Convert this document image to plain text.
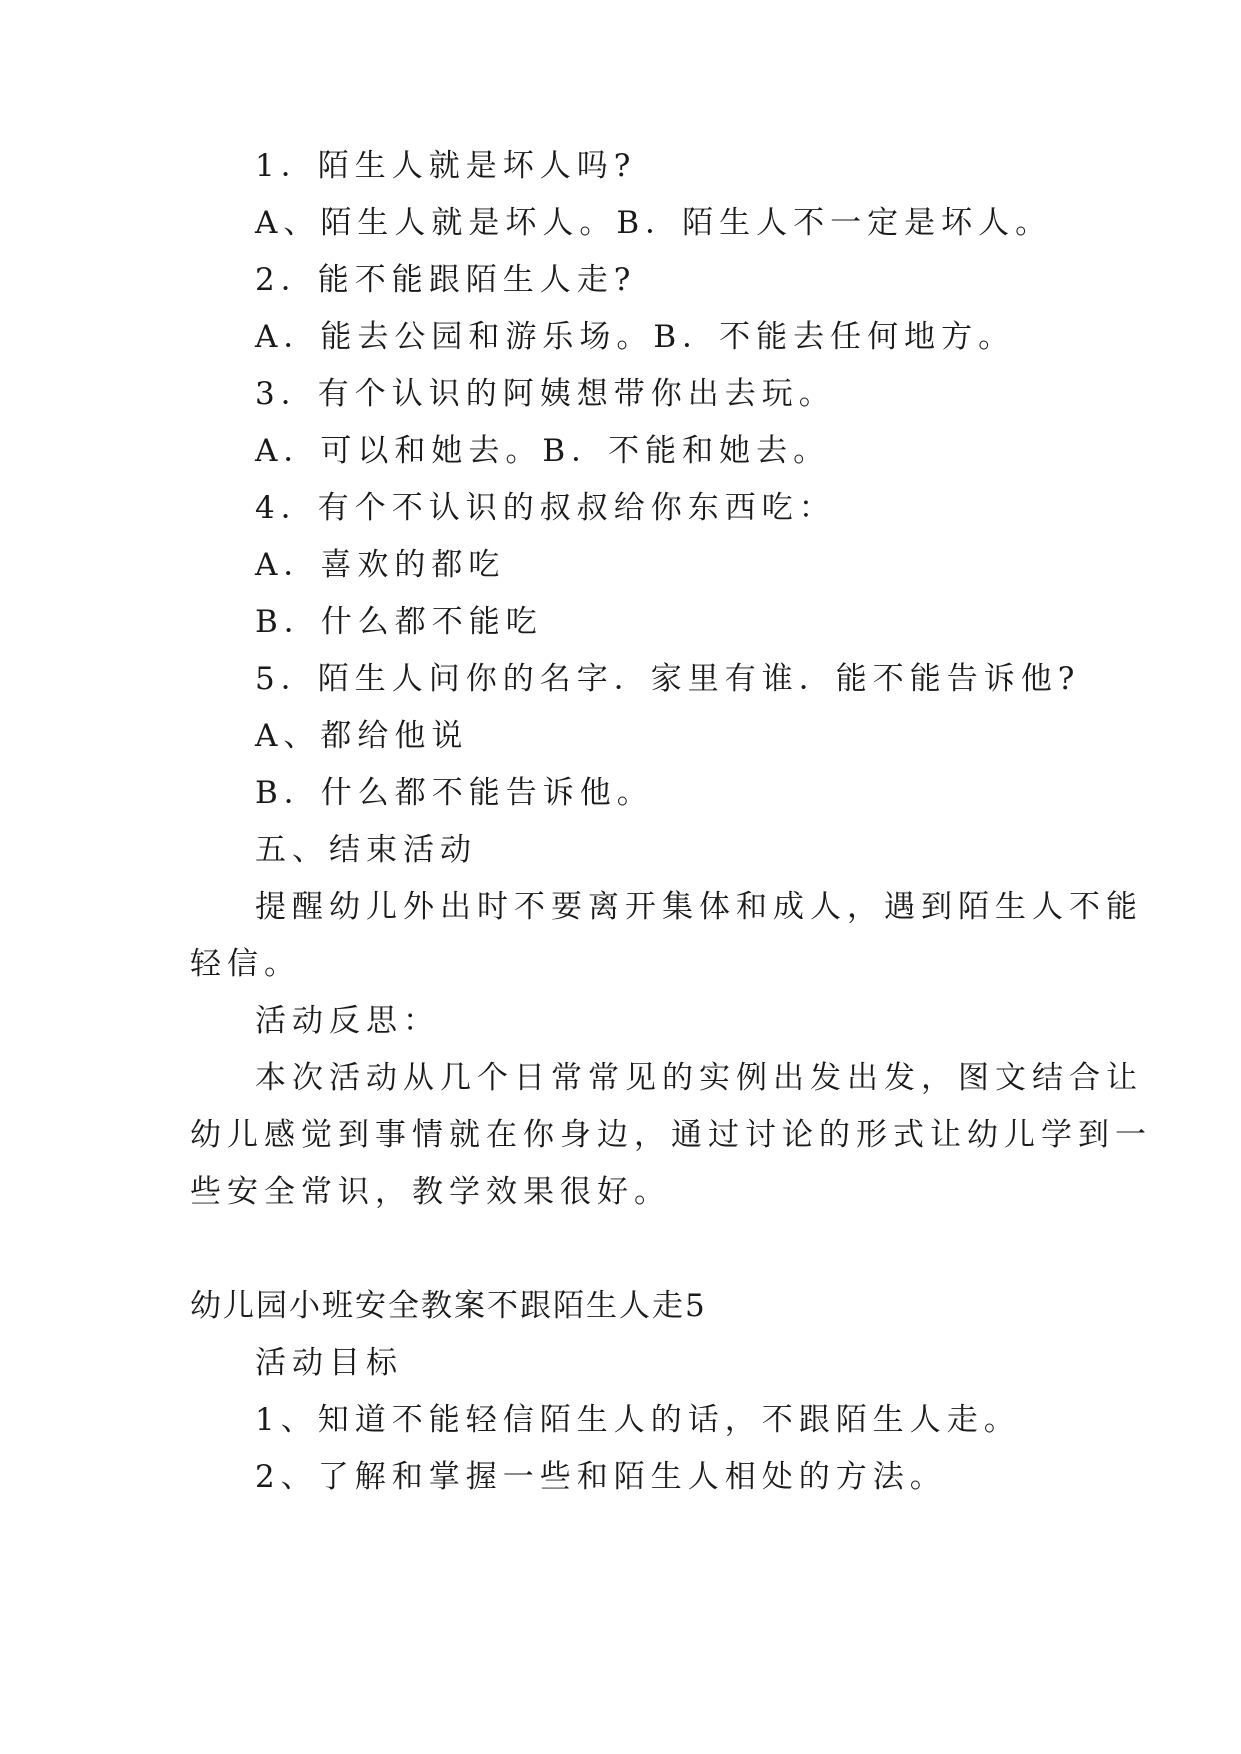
1．陌生人就是坏人吗?
A、陌生人就是坏人。B．陌生人不一定是坏人。
2．能不能跟陌生人走?
A．能去公园和游乐场。B．不能去任何地方。
3．有个认识的阿姨想带你出去玩。
A．可以和她去。B．不能和她去。
4．有个不认识的叔叔给你东西吃：
A．喜欢的都吃
B．什么都不能吃
5．陌生人问你的名字．家里有谁．能不能告诉他?
A、都给他说
B．什么都不能告诉他。
五、结束活动
提醒幼儿外出时不要离开集体和成人，遇到陌生人不能
轻信。
活动反思：
本次活动从几个日常常见的实例出发出发，图文结合让
幼儿感觉到事情就在你身边，通过讨论的形式让幼儿学到一
些安全常识，教学效果很好。
幼儿园小班安全教案不跟陌生人走5
活动目标
1、知道不能轻信陌生人的话，不跟陌生人走。
2、了解和掌握一些和陌生人相处的方法。
